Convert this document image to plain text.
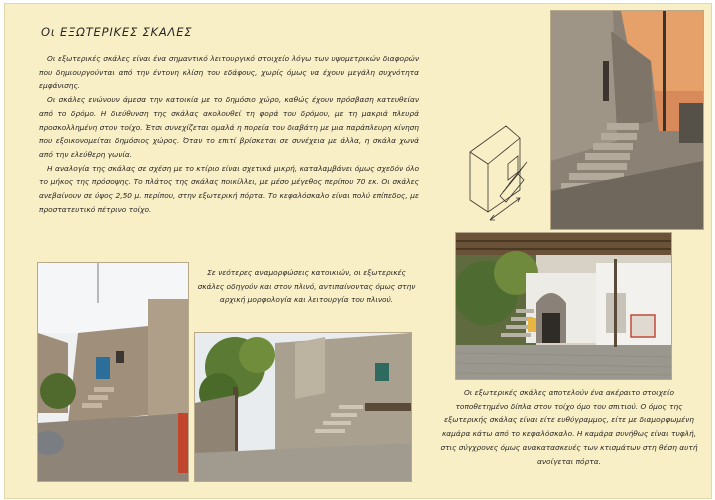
Οι ΕΞΩΤΕΡΙΚΕΣ ΣΚΑΛΕΣ

Οι εξωτερικές σκάλες είναι ένα σημαντικό λειτουργικό στοιχείο λόγω των υψομετρικών διαφορών που δημιουργούνται από την έντονη κλίση του εδάφους, χωρίς όμως να έχουν μεγάλη συχνότητα εμφάνισης.

Οι σκάλες ενώνουν άμεσα την κατοικία με το δημόσιο χώρο, καθώς έχουν πρόσβαση κατευθείαν από το δρόμο. Η διεύθυνση της σκάλας ακολουθεί τη φορά του δρόμου, με τη μακριά πλευρά προσκολλημένη στον τοίχο. Έτσι συνεχίζεται ομαλά η πορεία του διαβάτη με μια παράπλευρη κίνηση που εξοικονομείται δημόσιος χώρος. Όταν το επιτί βρίσκεται σε συνέχεια με άλλα, η σκάλα χωνά από την ελεύθερη γωνία.

Η αναλογία της σκάλας σε σχέση με το κτίριο είναι σχετικά μικρή, καταλαμβάνει όμως σχεδόν όλο το μήκος της πρόσοψης. Το πλάτος της σκάλας ποικίλλει, με μέσο μέγεθος περίπου 70 εκ. Οι σκάλες ανεβαίνουν σε ύψος 2,50 μ. περίπου, στην εξωτερική πόρτα. Το κεφαλόσκαλο είναι πολύ επίπεδος, με προστατευτικό πέτρινο τοίχο.

Σε νεότερες αναμορφώσεις κατοικιών, οι εξωτερικές σκάλες οδηγούν και στον πλινό, αντιπαίνοντας όμως στην αρχική μορφολογία και λειτουργία του πλινού.
Οι εξωτερικές σκάλες αποτελούν ένα ακέραιτο στοιχείο τοποθετημένο δίπλα στον τοίχο όμο του σπιτιού. Ο όμος της εξωτερικής σκάλας είναι είτε ευθύγραμμος, είτε με διαμορφωμένη καμάρα κάτω από το κεφαλόσκαλο. Η καμάρα συνήθως είναι τυφλή, στις σύγχρονες όμως ανακατασκευές των κτισμάτων στη θέση αυτή ανοίγεται πόρτα.
